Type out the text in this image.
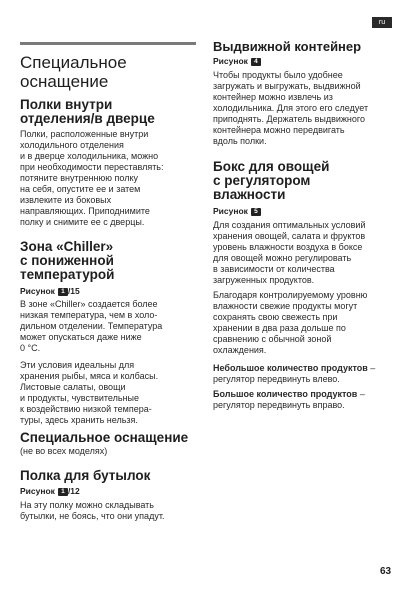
ru
Специальное
оснащение
Полки внутри
отделения/в дверце
Полки, расположенные внутри
холодильного отделения
и в дверце холодильника, можно
при необходимости переставлять:
потяните внутреннюю полку
на себя, опустите ее и затем
извлеките из боковых
направляющих. Приподнимите
полку и снимите ее с дверцы.
Зона «Chiller»
с пониженной
температурой
Рисунок 1 /15
В зоне «Chiller» создается более
низкая температура, чем в холо-
дильном отделении. Температура
может опускаться даже ниже
0 °С.
Эти условия идеальны для
хранения рыбы, мяса и колбасы.
Листовые салаты, овощи
и продукты, чувствительные
к воздействию низкой темпера-
туры, здесь хранить нельзя.
Специальное оснащение
(не во всех моделях)
Полка для бутылок
Рисунок 1 /12
На эту полку можно складывать
бутылки, не боясь, что они упадут.
Выдвижной контейнер
Рисунок 4
Чтобы продукты было удобнее
загружать и выгружать, выдвижной
контейнер можно извлечь из
холодильника. Для этого его следует
приподнять. Держатель выдвижного
контейнера можно передвигать
вдоль полки.
Бокс для овощей
с регулятором
влажности
Рисунок 5
Для создания оптимальных условий
хранения овощей, салата и фруктов
уровень влажности воздуха в боксе
для овощей можно регулировать
в зависимости от количества
загруженных продуктов.
Благодаря контролируемому уровню
влажности свежие продукты могут
сохранять свою свежесть при
хранении в два раза дольше по
сравнению с обычной зоной
охлаждения.
Небольшое количество продуктов –
регулятор передвинуть влево.
Большое количество продуктов –
регулятор передвинуть вправо.
63
